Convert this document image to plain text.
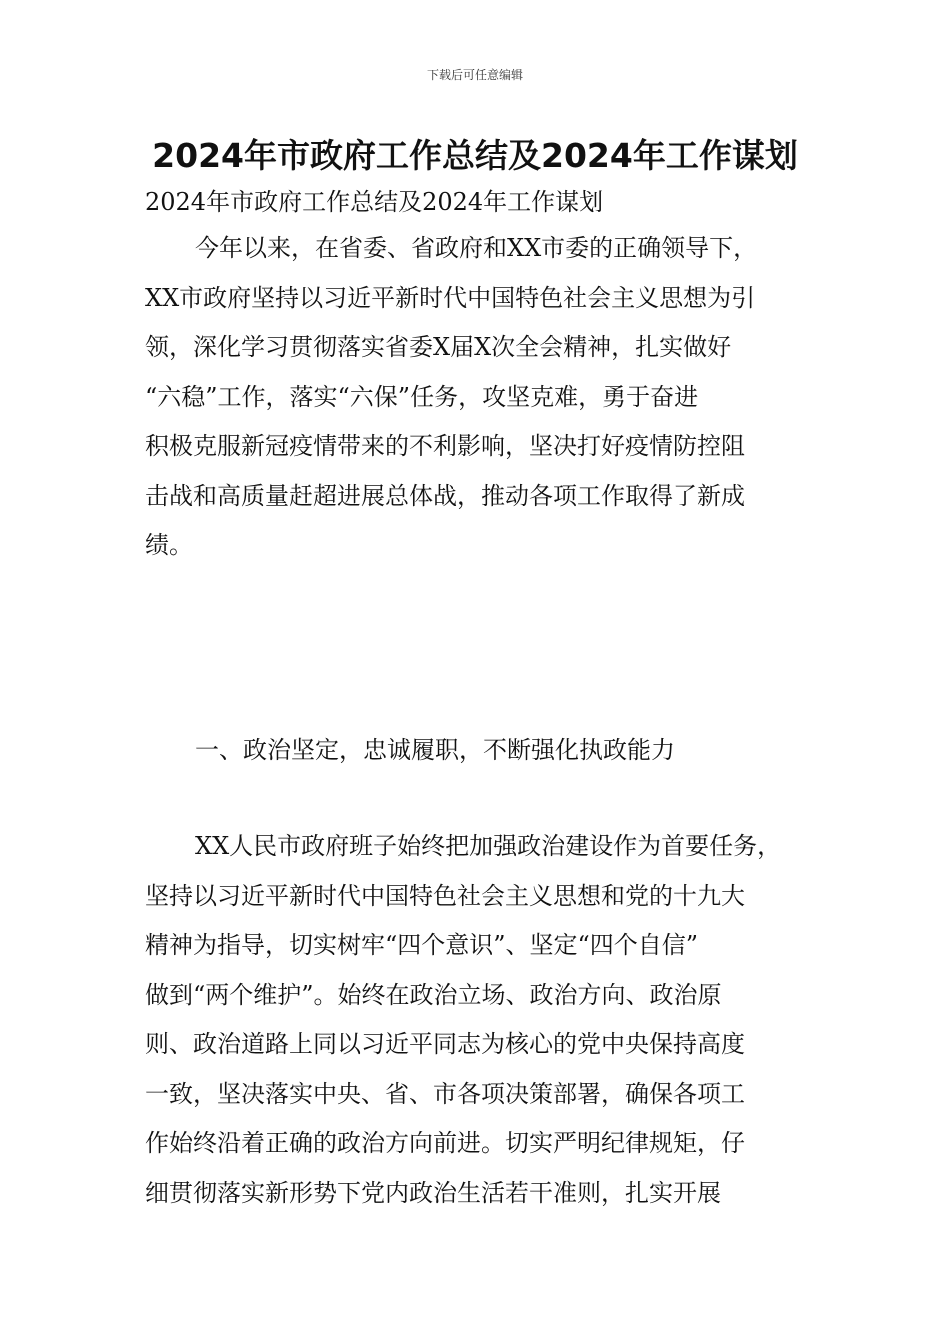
下载后可任意编辑
2024年市政府工作总结及2024年工作谋划
2024年市政府工作总结及2024年工作谋划
今年以来，在省委、省政府和XX市委的正确领导下，
XX市政府坚持以习近平新时代中国特色社会主义思想为引
领，深化学习贯彻落实省委X届X次全会精神，扎实做好
“六稳”工作，落实“六保”任务，攻坚克难，勇于奋进
积极克服新冠疫情带来的不利影响，坚决打好疫情防控阻
击战和高质量赶超进展总体战，推动各项工作取得了新成
绩。
一、政治坚定，忠诚履职，不断强化执政能力
XX人民市政府班子始终把加强政治建设作为首要任务，
坚持以习近平新时代中国特色社会主义思想和党的十九大
精神为指导，切实树牢“四个意识”、坚定“四个自信”
做到“两个维护”。始终在政治立场、政治方向、政治原
则、政治道路上同以习近平同志为核心的党中央保持高度
一致，坚决落实中央、省、市各项决策部署，确保各项工
作始终沿着正确的政治方向前进。切实严明纪律规矩，仔
细贯彻落实新形势下党内政治生活若干准则，扎实开展
